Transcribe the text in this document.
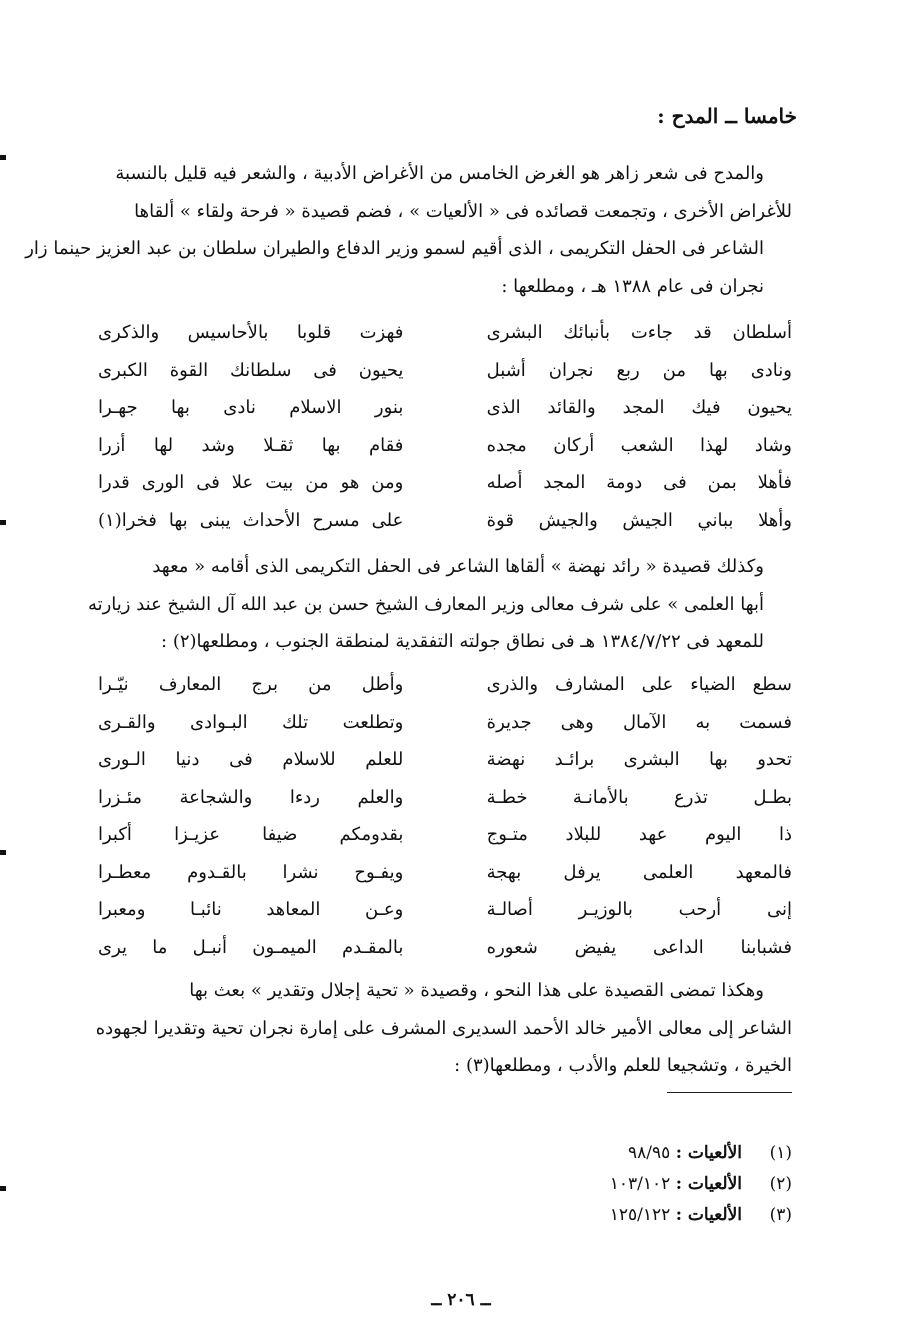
خامسا ــ المدح :

والمدح فى شعر زاهر هو الغرض الخامس من الأغراض الأدبية ، والشعر فيه قليل بالنسبة
للأغراض الأخرى ، وتجمعت قصائده فى « الألعيات » ، فضم قصيدة « فرحة ولقاء » ألقاها
الشاعر فى الحفل التكريمى ، الذى أقيم لسمو وزير الدفاع والطيران سلطان بن عبد العزيز حينما زار
نجران فى عام ١٣٨٨ هـ ، ومطلعها :

أسلطان قد جاءت بأنبائك البشرى
فهزت قلوبا بالأحاسيس والذكرى
ونادى بها من ربع نجران أشبل
يحيون فى سلطانك القوة الكبرى
يحيون فيك المجد والقائد الذى
بنور الاسلام نادى بها جهـرا
وشاد لهذا الشعب أركان مجده
فقام بها ثقـلا وشد لها أزرا
فأهلا بمن فى دومة المجد أصله
ومن هو من بيت علا فى الورى قدرا
وأهلا بباني الجيش والجيش قوة
على مسرح الأحداث يبنى بها فخرا(١)

وكذلك قصيدة « رائد نهضة » ألقاها الشاعر فى الحفل التكريمى الذى أقامه « معهد
أبها العلمى » على شرف معالى وزير المعارف الشيخ حسن بن عبد الله آل الشيخ عند زيارته
للمعهد فى ١٣٨٤/٧/٢٢ هـ فى نطاق جولته التفقدية لمنطقة الجنوب ، ومطلعها(٢) :

سطع الضياء على المشارف والذرى
وأطل من برج المعارف نيّـرا
فسمت به الآمال وهى جديرة
وتطلعت تلك البـوادى والقـرى
تحدو بها البشرى برائـد نهضة
للعلم للاسلام فى دنيا الـورى
بطـل تذرع بالأمانـة خطـة
والعلم ردءا والشجاعة مئـزرا
ذا اليوم عهد للبلاد متـوج
بقدومكم ضيفا عزيـزا أكبرا
فالمعهد العلمى يرفل بهجة
ويفـوح نشرا بالقـدوم معطـرا
إنى أرحب بالوزيـر أصالـة
وعـن المعاهد نائبـا ومعبرا
فشبابنا الداعى يفيض شعوره
بالمقـدم الميمـون أنبـل ما يرى

وهكذا تمضى القصيدة على هذا النحو ، وقصيدة « تحية إجلال وتقدير » بعث بها
الشاعر إلى معالى الأمير خالد الأحمد السديرى المشرف على إمارة نجران تحية وتقديرا لجهوده
الخيرة ، وتشجيعا للعلم والأدب ، ومطلعها(٣) :

(١)
الألعيات : ٩٨/٩٥
(٢)
الألعيات : ١٠٣/١٠٢
(٣)
الألعيات : ١٢٥/١٢٢
ــ ٢٠٦ ــ
